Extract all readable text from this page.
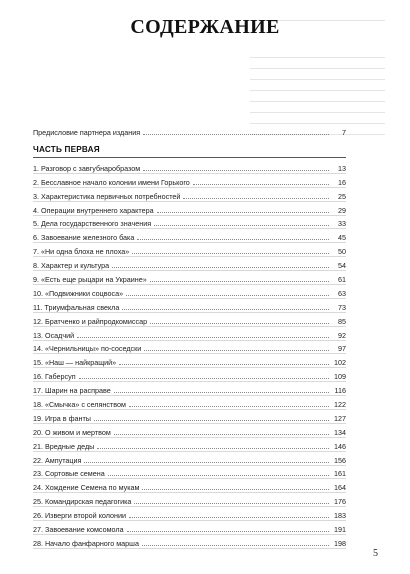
СОДЕРЖАНИЕ
Предисловие партнера издания	7
ЧАСТЬ ПЕРВАЯ
1. Разговор с завгубнаробразом	13
2. Бесславное начало колонии имени Горького	16
3. Характеристика первичных потребностей	25
4. Операции внутреннего характера	29
5. Дела государственного значения	33
6. Завоевание железного бака	45
7. «Ни одна блоха не плоха»	50
8. Характер и культура	54
9. «Есть еще рыцари на Украине»	61
10. «Подвижники соцвоса»	63
11. Триумфальная свекла	73
12. Братченко и райпродкомиссар	85
13. Осадчий	92
14. «Чернильницы» по-соседски	97
15. «Наш — найкращий»	102
16. Габерсуп	109
17. Шарин на расправе	116
18. «Смычка» с селянством	122
19. Игра в фанты	127
20. О живом и мертвом	134
21. Вредные деды	146
22. Ампутация	156
23. Сортовые семена	161
24. Хождение Семена по мукам	164
25. Командирская педагогика	176
26. Изверги второй колонии	183
27. Завоевание комсомола	191
28. Начало фанфарного марша	198
5
